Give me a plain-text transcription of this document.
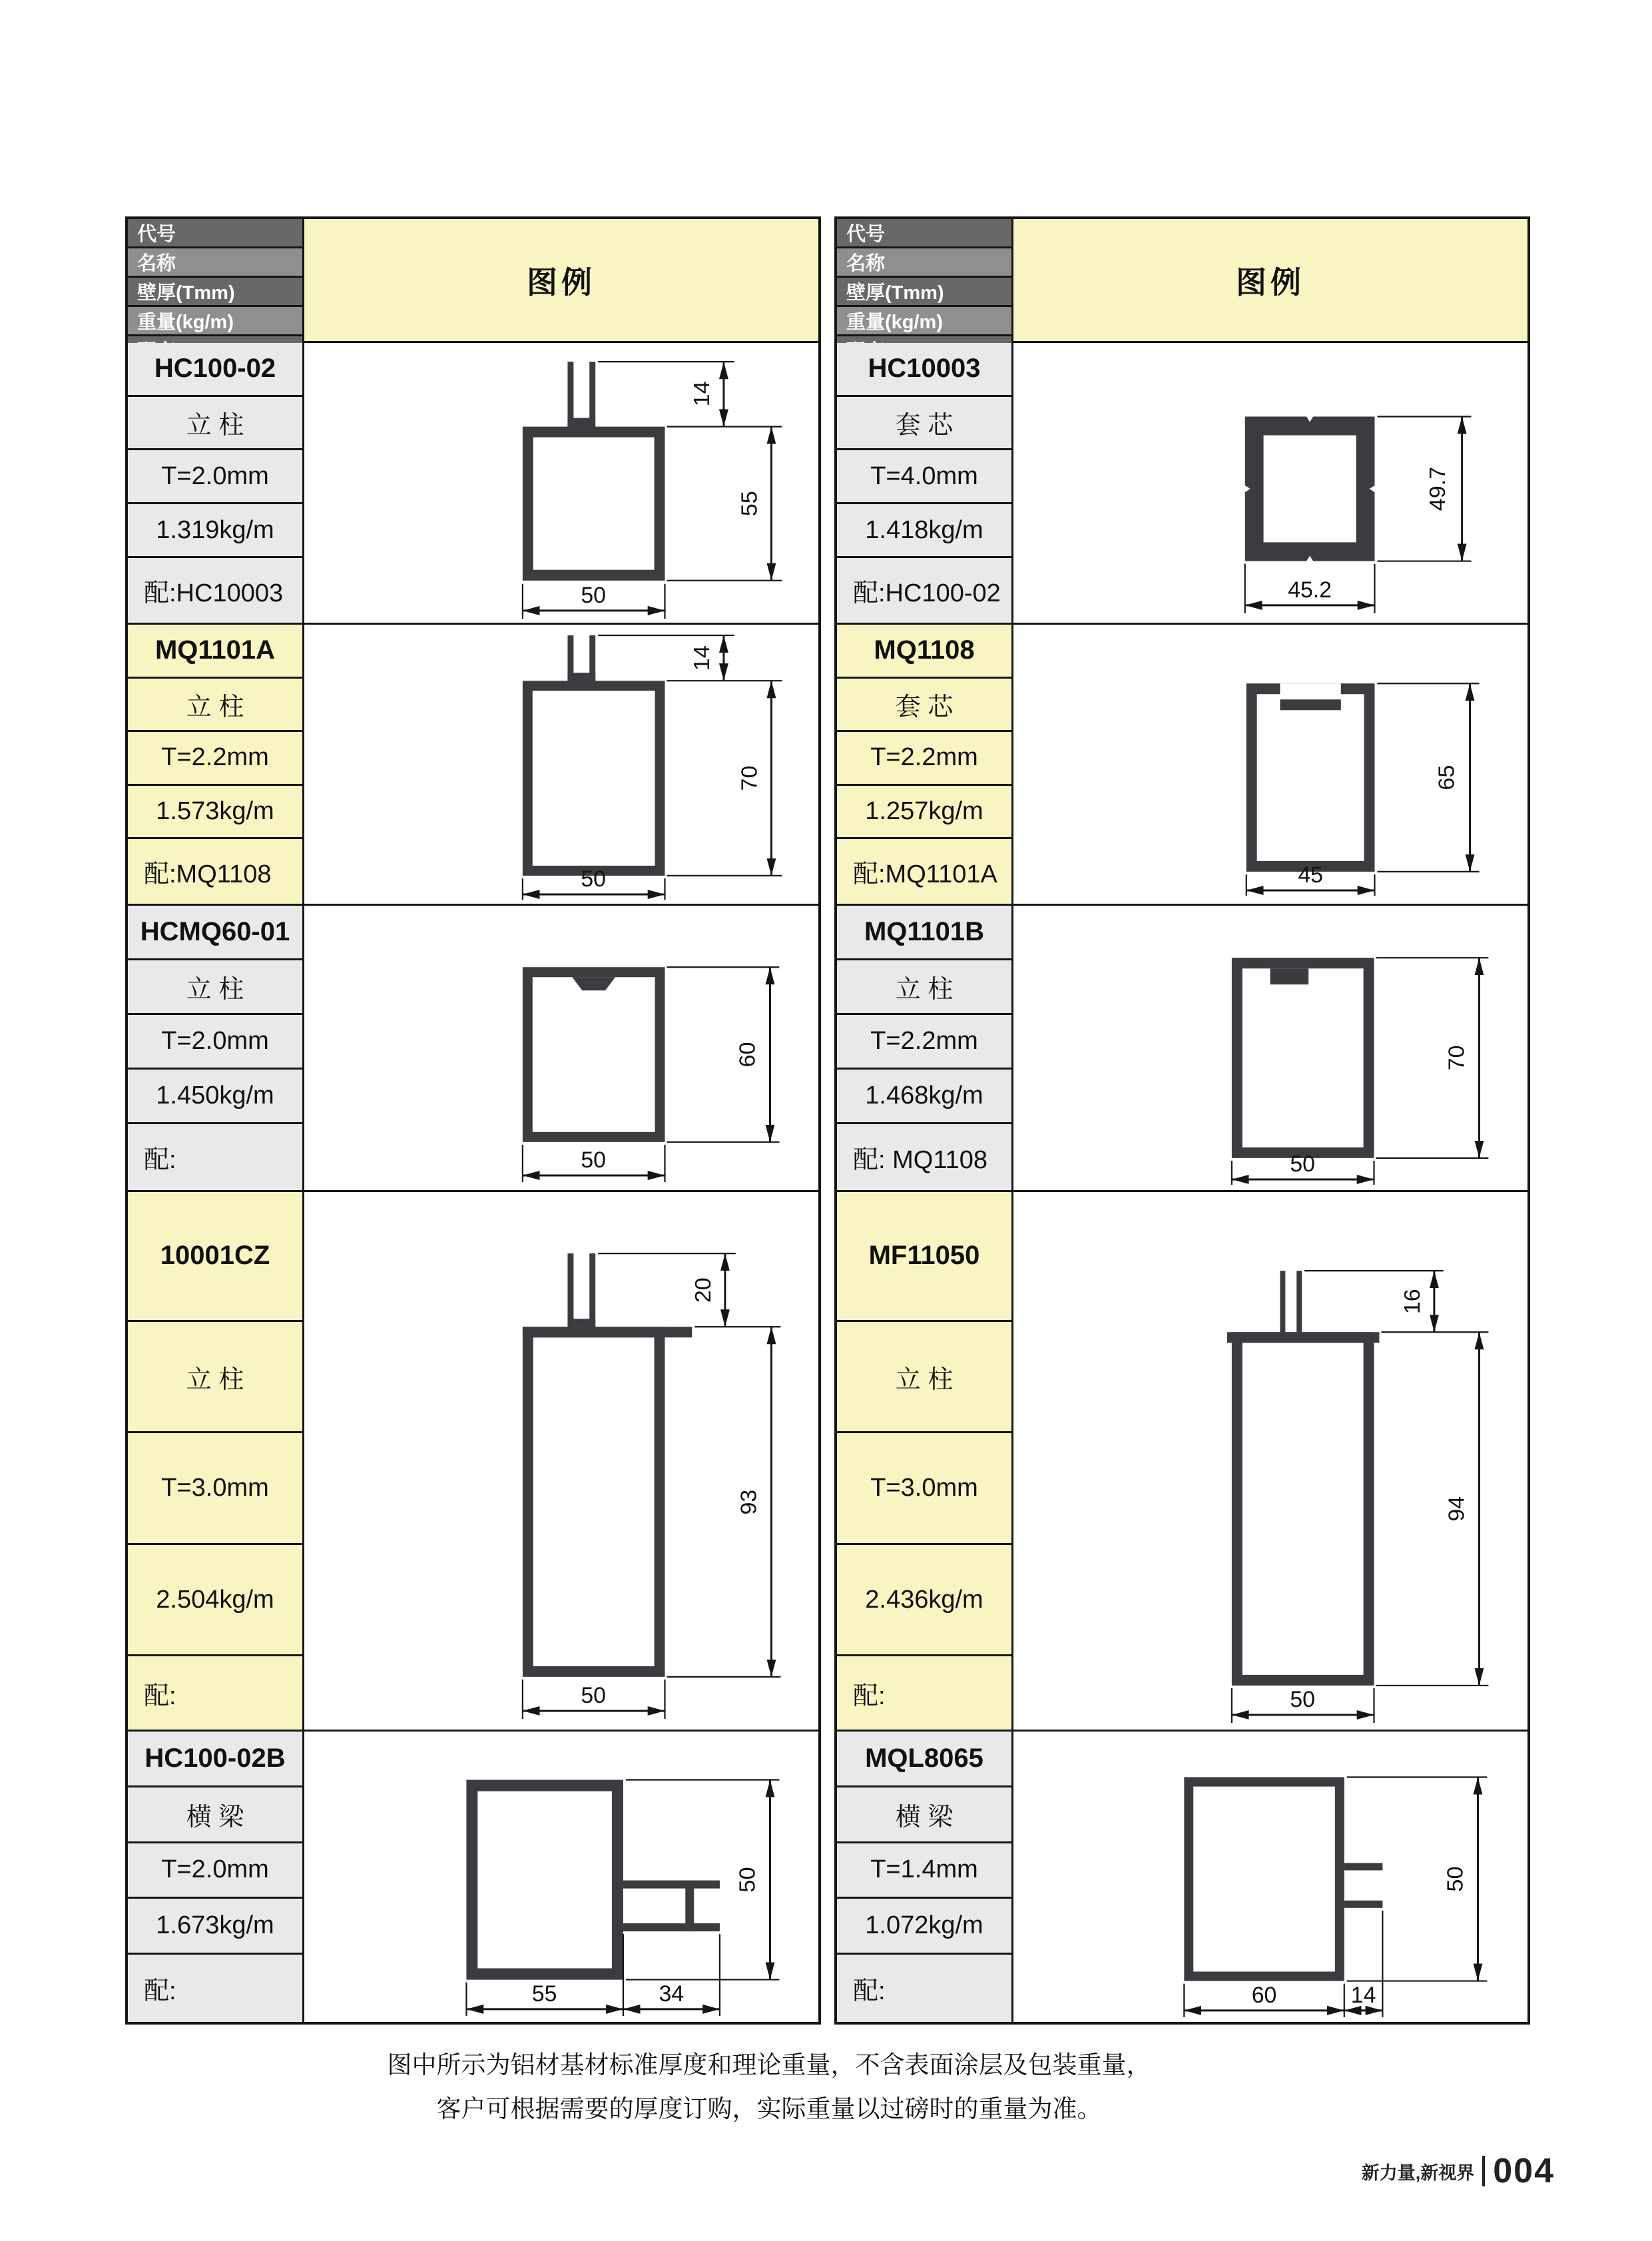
代号
名称
壁厚(Tmm)
重量(kg/m)
图例
HC100-02
立 柱
T=2.0mm
1.319kg/m
配:HC10003
14
55
50
MQ1101A
立 柱
T=2.2mm
1.573kg/m
配:MQ1108
14
70
50
HCMQ60-01
立 柱
T=2.0mm
1.450kg/m
配:
60
50
10001CZ
立 柱
T=3.0mm
2.504kg/m
配:
20
93
50
HC100-02B
横 梁
T=2.0mm
1.673kg/m
配:
50
55	34
代号
名称
壁厚(Tmm)
重量(kg/m)
图例
HC10003
套 芯
T=4.0mm
1.418kg/m
配:HC100-02
49.7
45.2
MQ1108
套 芯
T=2.2mm
1.257kg/m
配:MQ1101A
65
45
MQ1101B
立 柱
T=2.2mm
1.468kg/m
配: MQ1108
70
50
MF11050
立 柱
T=3.0mm
2.436kg/m
配:
16
94
50
MQL8065
横 梁
T=1.4mm
1.072kg/m
配:
50
60	14
图中所示为铝材基材标准厚度和理论重量，不含表面涂层及包装重量，
客户可根据需要的厚度订购，实际重量以过磅时的重量为准。
新力量,新视界 004
